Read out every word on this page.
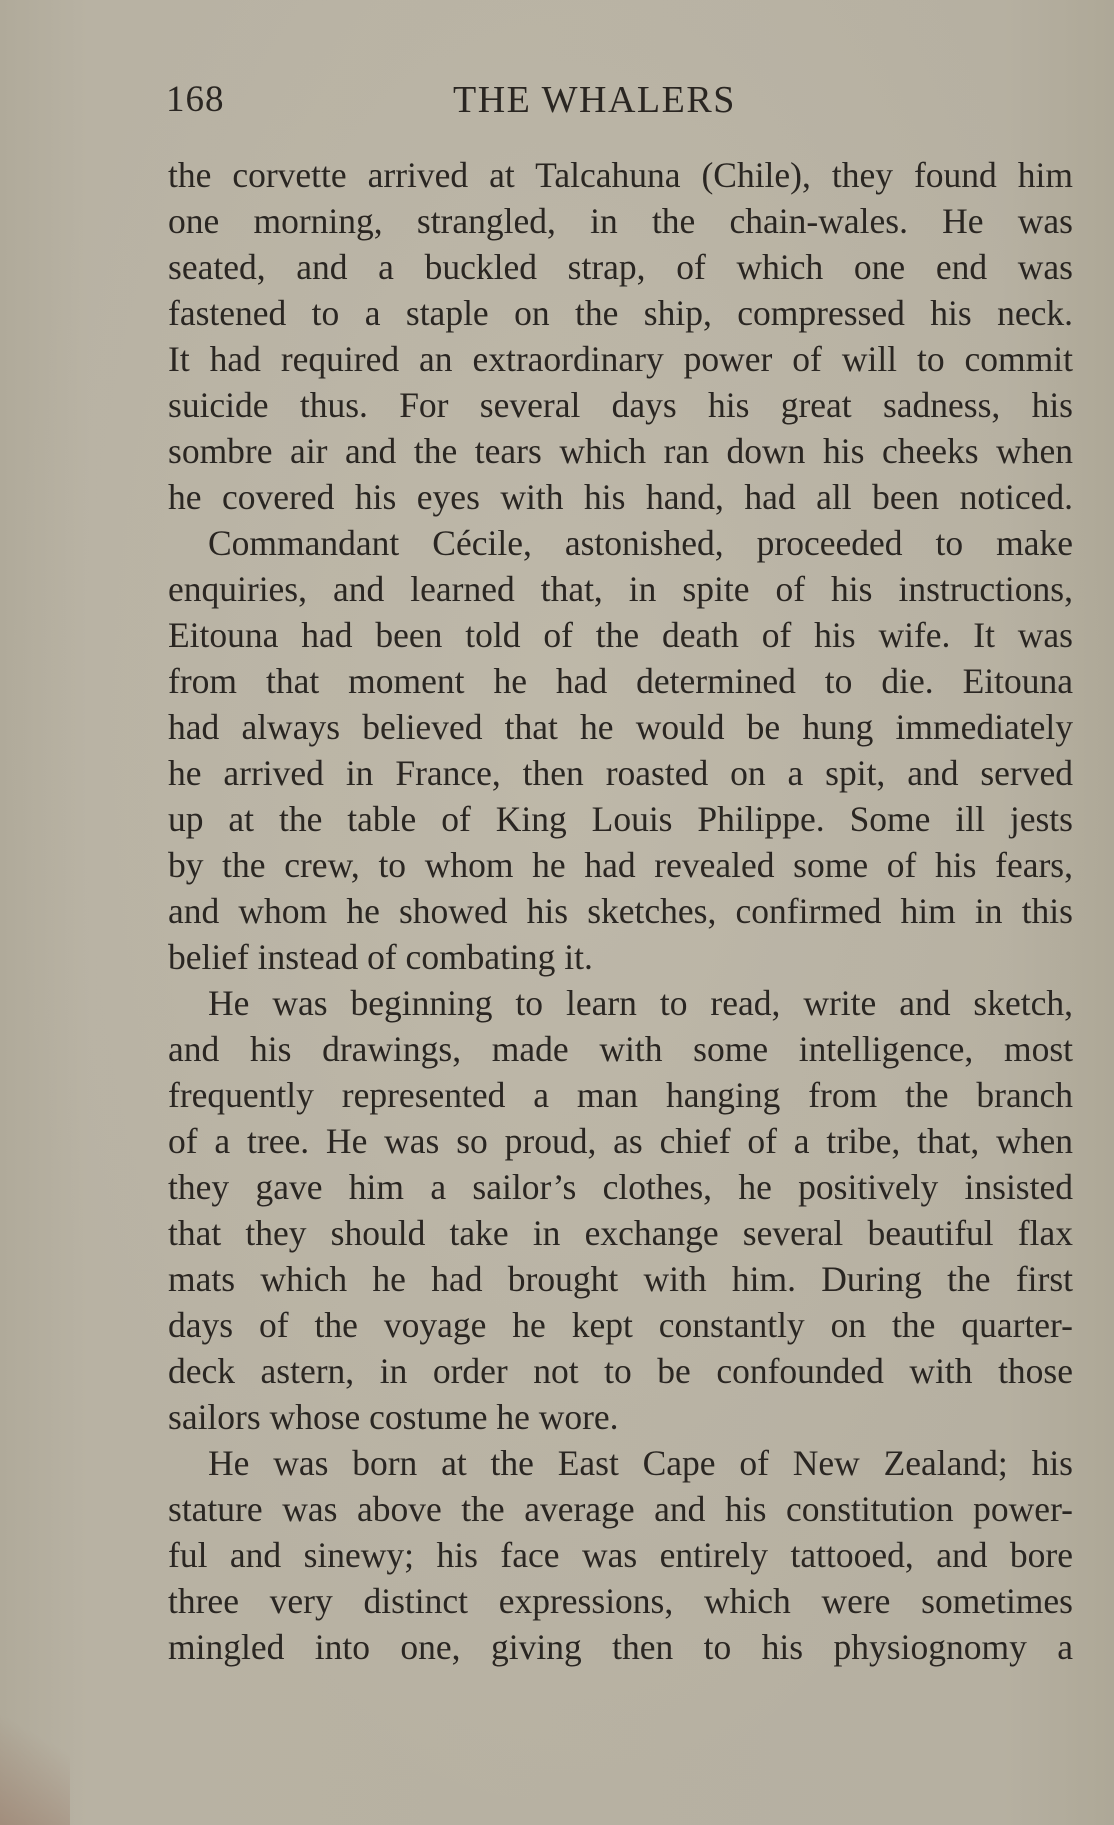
168	THE WHALERS
the corvette arrived at Talcahuna (Chile), they found him
one morning, strangled, in the chain-wales. He was
seated, and a buckled strap, of which one end was
fastened to a staple on the ship, compressed his neck.
It had required an extraordinary power of will to commit
suicide thus. For several days his great sadness, his
sombre air and the tears which ran down his cheeks when
he covered his eyes with his hand, had all been noticed.
Commandant Cécile, astonished, proceeded to make
enquiries, and learned that, in spite of his instructions,
Eitouna had been told of the death of his wife. It was
from that moment he had determined to die. Eitouna
had always believed that he would be hung immediately
he arrived in France, then roasted on a spit, and served
up at the table of King Louis Philippe. Some ill jests
by the crew, to whom he had revealed some of his fears,
and whom he showed his sketches, confirmed him in this
belief instead of combating it.
He was beginning to learn to read, write and sketch,
and his drawings, made with some intelligence, most
frequently represented a man hanging from the branch
of a tree. He was so proud, as chief of a tribe, that, when
they gave him a sailor’s clothes, he positively insisted
that they should take in exchange several beautiful flax
mats which he had brought with him. During the first
days of the voyage he kept constantly on the quarter-
deck astern, in order not to be confounded with those
sailors whose costume he wore.
He was born at the East Cape of New Zealand; his
stature was above the average and his constitution power-
ful and sinewy; his face was entirely tattooed, and bore
three very distinct expressions, which were sometimes
mingled into one, giving then to his physiognomy a
